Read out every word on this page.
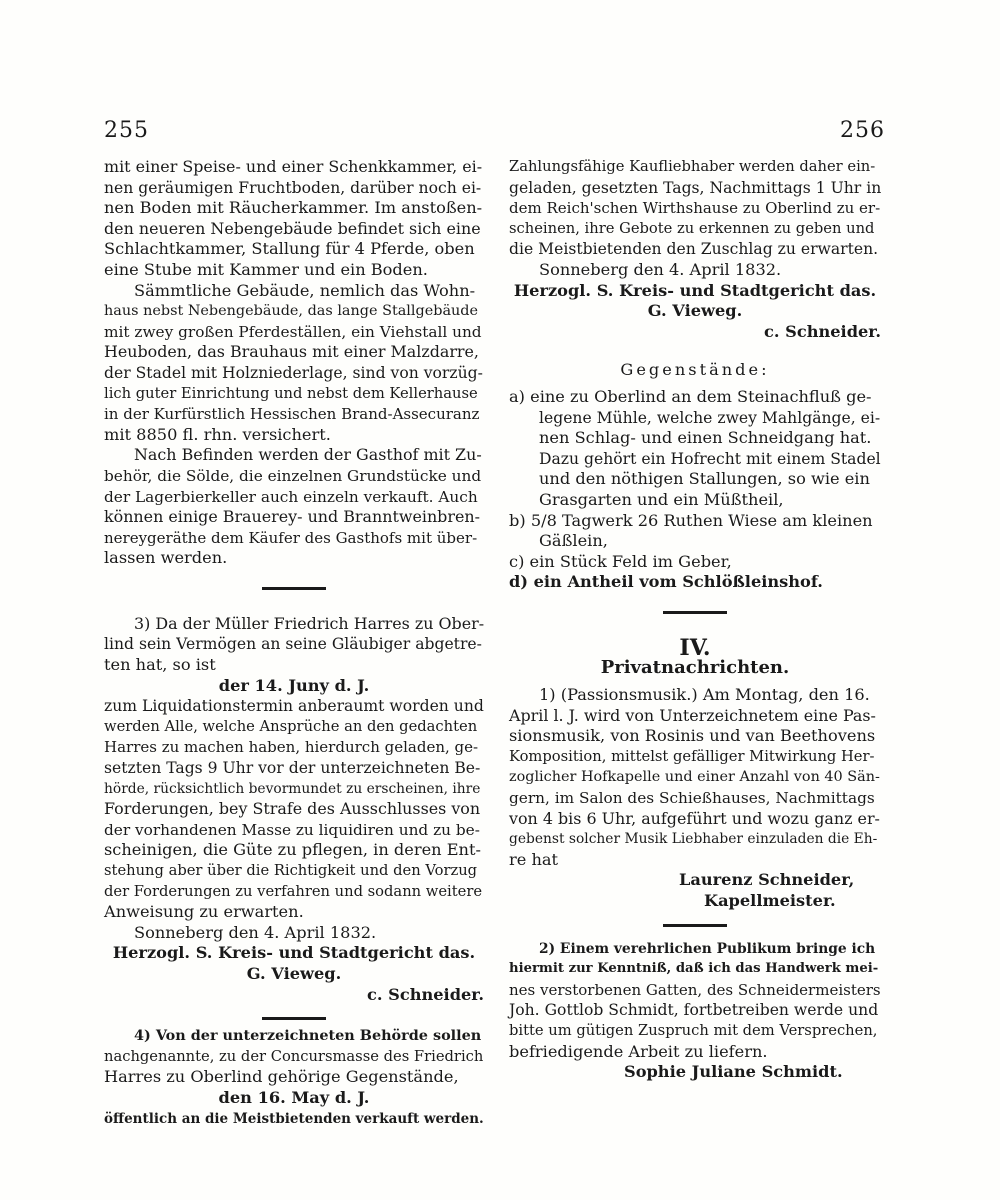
255	256
mit einer Speise- und einer Schenkkammer, ei-
nen geräumigen Fruchtboden, darüber noch ei-
nen Boden mit Räucherkammer. Im anstoßen-
den neueren Nebengebäude befindet sich eine
Schlachtkammer, Stallung für 4 Pferde, oben
eine Stube mit Kammer und ein Boden.
Sämmtliche Gebäude, nemlich das Wohn-
haus nebst Nebengebäude, das lange Stallgebäude
mit zwey großen Pferdeställen, ein Viehstall und
Heuboden, das Brauhaus mit einer Malzdarre,
der Stadel mit Holzniederlage, sind von vorzüg-
lich guter Einrichtung und nebst dem Kellerhause
in der Kurfürstlich Hessischen Brand-Assecuranz
mit 8850 fl. rhn. versichert.
Nach Befinden werden der Gasthof mit Zu-
behör, die Sölde, die einzelnen Grundstücke und
der Lagerbierkeller auch einzeln verkauft. Auch
können einige Brauerey- und Branntweinbren-
nereygeräthe dem Käufer des Gasthofs mit über-
lassen werden.
3) Da der Müller Friedrich Harres zu Ober-
lind sein Vermögen an seine Gläubiger abgetre-
ten hat, so ist
der 14. Juny d. J.
zum Liquidationstermin anberaumt worden und
werden Alle, welche Ansprüche an den gedachten
Harres zu machen haben, hierdurch geladen, ge-
setzten Tags 9 Uhr vor der unterzeichneten Be-
hörde, rücksichtlich bevormundet zu erscheinen, ihre
Forderungen, bey Strafe des Ausschlusses von
der vorhandenen Masse zu liquidiren und zu be-
scheinigen, die Güte zu pflegen, in deren Ent-
stehung aber über die Richtigkeit und den Vorzug
der Forderungen zu verfahren und sodann weitere
Anweisung zu erwarten.
Sonneberg den 4. April 1832.
Herzogl. S. Kreis- und Stadtgericht das.
G. Vieweg.
c. Schneider.
4) Von der unterzeichneten Behörde sollen
nachgenannte, zu der Concursmasse des Friedrich
Harres zu Oberlind gehörige Gegenstände,
den 16. May d. J.
öffentlich an die Meistbietenden verkauft werden.
Zahlungsfähige Kaufliebhaber werden daher ein-
geladen, gesetzten Tags, Nachmittags 1 Uhr in
dem Reich'schen Wirthshause zu Oberlind zu er-
scheinen, ihre Gebote zu erkennen zu geben und
die Meistbietenden den Zuschlag zu erwarten.
Sonneberg den 4. April 1832.
Herzogl. S. Kreis- und Stadtgericht das.
G. Vieweg.
c. Schneider.
Gegenstände:
a) eine zu Oberlind an dem Steinachfluß ge-
legene Mühle, welche zwey Mahlgänge, ei-
nen Schlag- und einen Schneidgang hat.
Dazu gehört ein Hofrecht mit einem Stadel
und den nöthigen Stallungen, so wie ein
Grasgarten und ein Müßtheil,
b) 5/8 Tagwerk 26 Ruthen Wiese am kleinen
Gäßlein,
c) ein Stück Feld im Geber,
d) ein Antheil vom Schlößleinshof.
IV.
Privatnachrichten.
1) (Passionsmusik.) Am Montag, den 16.
April l. J. wird von Unterzeichnetem eine Pas-
sionsmusik, von Rosinis und van Beethovens
Komposition, mittelst gefälliger Mitwirkung Her-
zoglicher Hofkapelle und einer Anzahl von 40 Sän-
gern, im Salon des Schießhauses, Nachmittags
von 4 bis 6 Uhr, aufgeführt und wozu ganz er-
gebenst solcher Musik Liebhaber einzuladen die Eh-
re hat
Laurenz Schneider,
Kapellmeister.
2) Einem verehrlichen Publikum bringe ich
hiermit zur Kenntniß, daß ich das Handwerk mei-
nes verstorbenen Gatten, des Schneidermeisters
Joh. Gottlob Schmidt, fortbetreiben werde und
bitte um gütigen Zuspruch mit dem Versprechen,
befriedigende Arbeit zu liefern.
Sophie Juliane Schmidt.
